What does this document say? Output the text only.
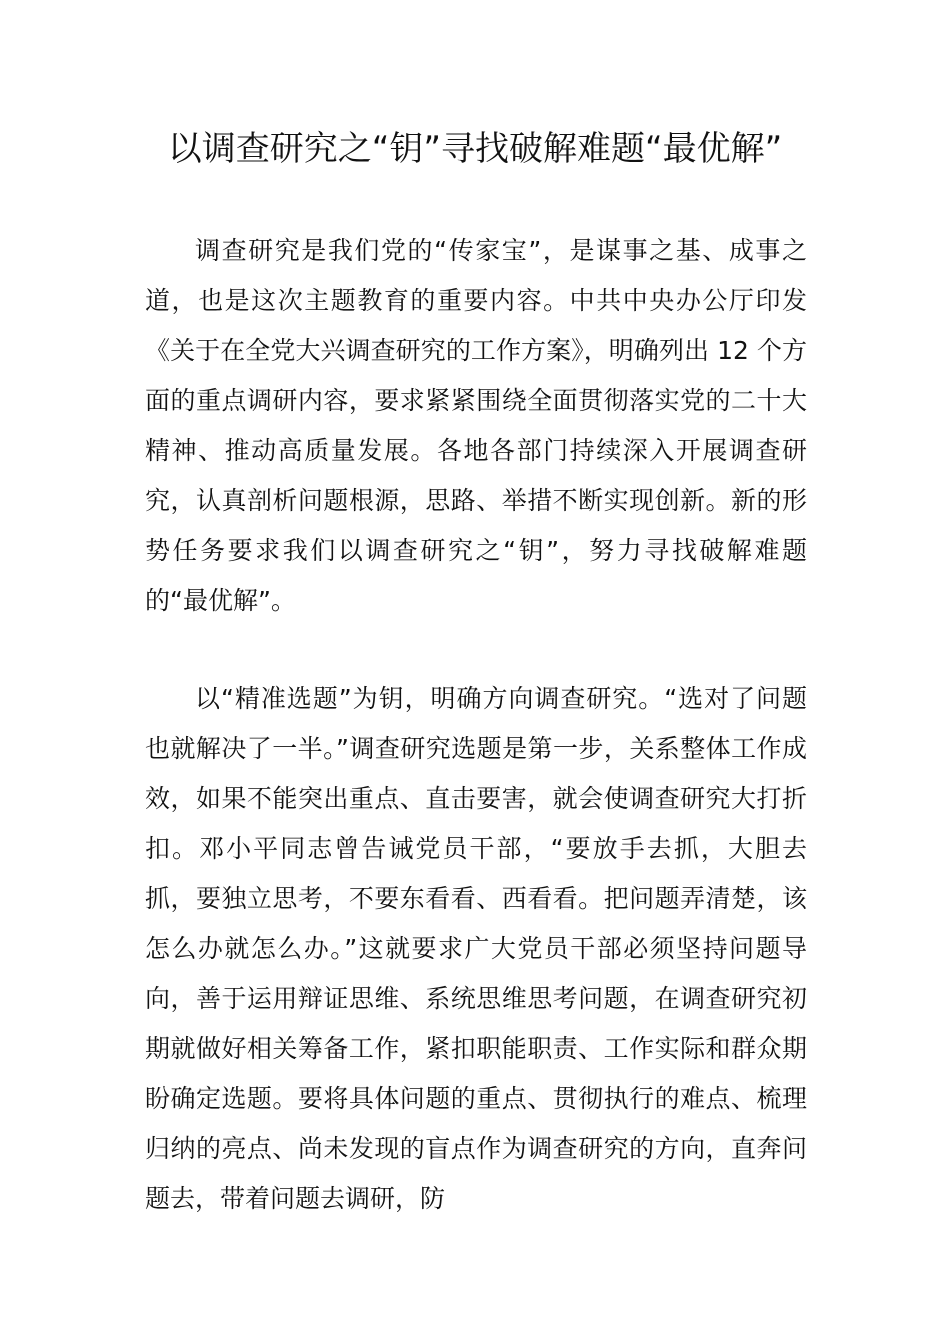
以调查研究之“钥”寻找破解难题“最优解”

调查研究是我们党的“传家宝”，是谋事之基、成事之道，也是这次主题教育的重要内容。中共中央办公厅印发《关于在全党大兴调查研究的工作方案》，明确列出 12 个方面的重点调研内容，要求紧紧围绕全面贯彻落实党的二十大精神、推动高质量发展。各地各部门持续深入开展调查研究，认真剖析问题根源，思路、举措不断实现创新。新的形势任务要求我们以调查研究之“钥”，努力寻找破解难题的“最优解”。

以“精准选题”为钥，明确方向调查研究。“选对了问题也就解决了一半。”调查研究选题是第一步，关系整体工作成效，如果不能突出重点、直击要害，就会使调查研究大打折扣。邓小平同志曾告诫党员干部，“要放手去抓，大胆去抓，要独立思考，不要东看看、西看看。把问题弄清楚，该怎么办就怎么办。”这就要求广大党员干部必须坚持问题导向，善于运用辩证思维、系统思维思考问题，在调查研究初期就做好相关筹备工作，紧扣职能职责、工作实际和群众期盼确定选题。要将具体问题的重点、贯彻执行的难点、梳理归纳的亮点、尚未发现的盲点作为调查研究的方向，直奔问题去，带着问题去调研，防
